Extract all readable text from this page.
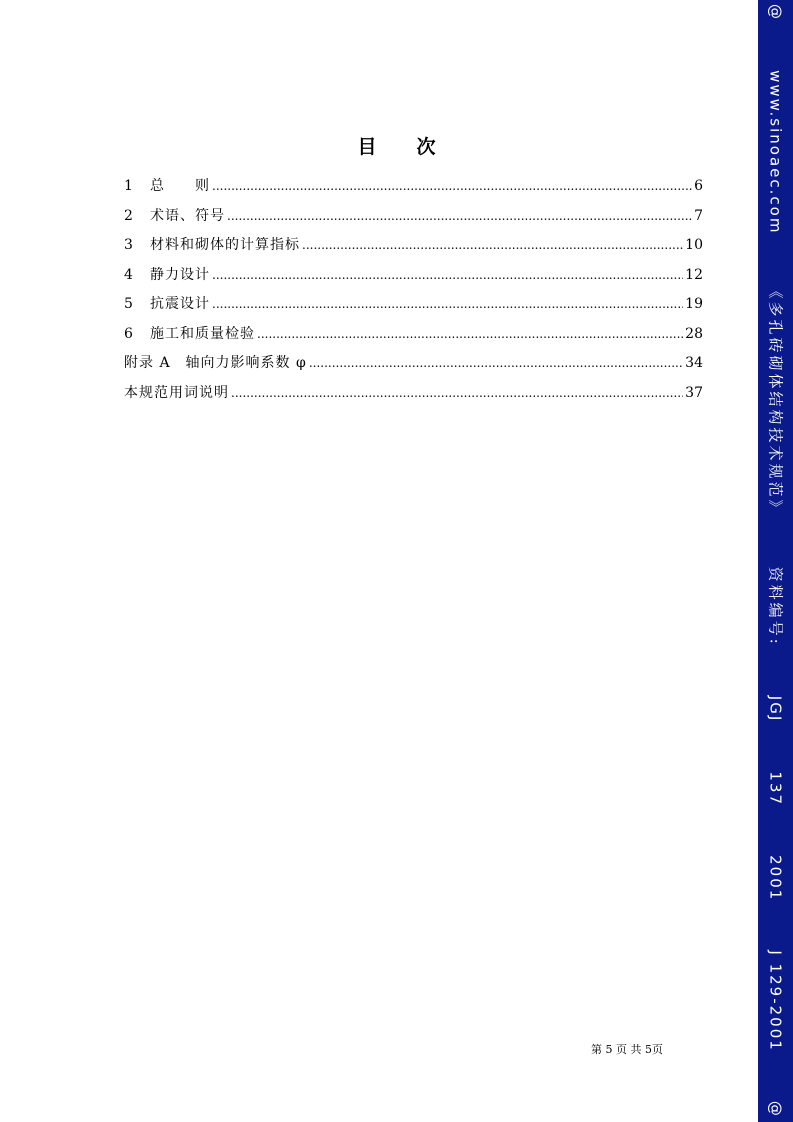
目 次
1	总　　则 .....	6
2	术语、符号 .....	7
3	材料和砌体的计算指标 .....	10
4	静力设计 .....	12
5	抗震设计 .....	19
6	施工和质量检验 .....	28
附录 A　轴向力影响系数 φ .....	34
本规范用词说明 .....	37
第 5 页 共 5页
@
www.sinoaec.com
《多孔砖砌体结构技术规范》
资料编号:
JGJ
137
2001
J 129-2001
@
